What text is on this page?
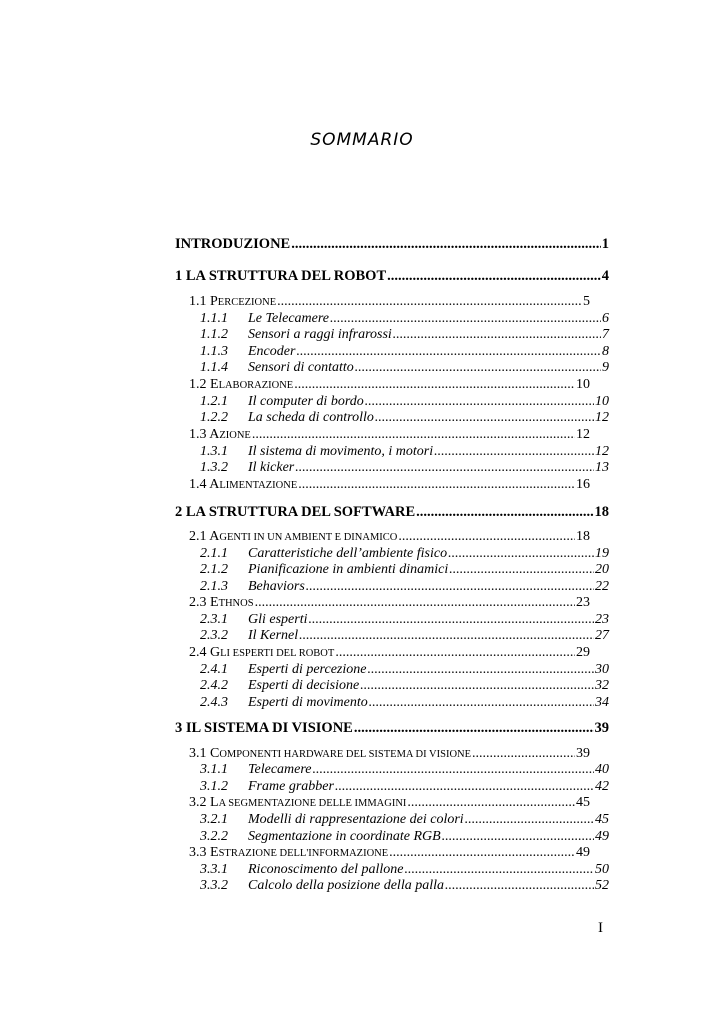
SOMMARIO
INTRODUZIONE .....	1
1 LA STRUTTURA DEL ROBOT .....	4
1.1 PERCEZIONE .....	5
1.1.1 Le Telecamere .....	6
1.1.2 Sensori a raggi infrarossi .....	7
1.1.3 Encoder .....	8
1.1.4 Sensori di contatto .....	9
1.2 ELABORAZIONE .....	10
1.2.1 Il computer di bordo .....	10
1.2.2 La scheda di controllo .....	12
1.3 AZIONE .....	12
1.3.1 Il sistema di movimento, i motori .....	12
1.3.2 Il kicker .....	13
1.4 ALIMENTAZIONE .....	16
2 LA STRUTTURA DEL SOFTWARE .....	18
2.1 AGENTI IN UN AMBIENT E DINAMICO .....	18
2.1.1 Caratteristiche dell’ambiente fisico .....	19
2.1.2 Pianificazione in ambienti dinamici .....	20
2.1.3 Behaviors .....	22
2.3 ETHNOS .....	23
2.3.1 Gli esperti .....	23
2.3.2 Il Kernel .....	27
2.4 GLI ESPERTI DEL ROBOT .....	29
2.4.1 Esperti di percezione .....	30
2.4.2 Esperti di decisione .....	32
2.4.3 Esperti di movimento .....	34
3 IL SISTEMA DI VISIONE .....	39
3.1 COMPONENTI HARDWARE DEL SISTEMA DI VISIONE .....	39
3.1.1 Telecamere .....	40
3.1.2 Frame grabber .....	42
3.2 LA SEGMENTAZIONE DELLE IMMAGINI .....	45
3.2.1 Modelli di rappresentazione dei colori .....	45
3.2.2 Segmentazione in coordinate RGB .....	49
3.3 ESTRAZIONE DELL'INFORMAZIONE .....	49
3.3.1 Riconoscimento del pallone .....	50
3.3.2 Calcolo della posizione della palla .....	52
I
